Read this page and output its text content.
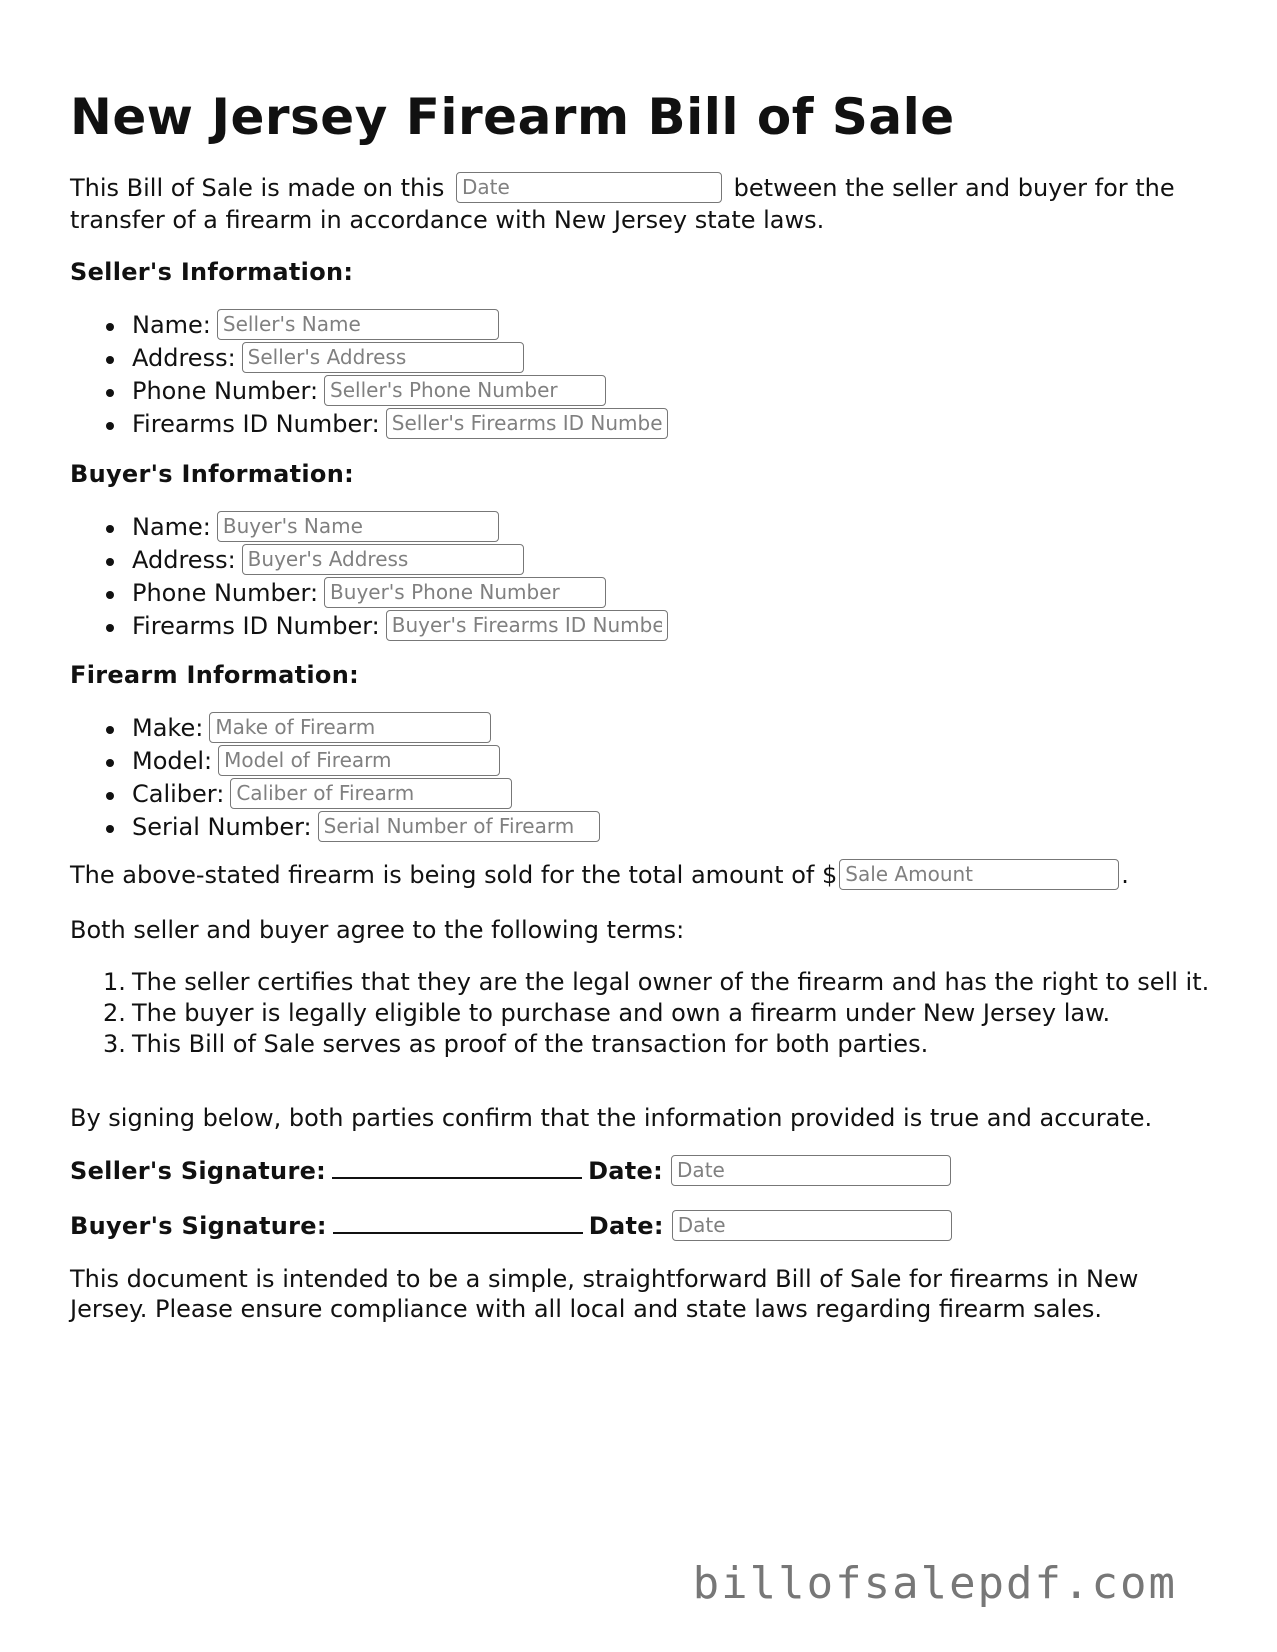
New Jersey Firearm Bill of Sale

This Bill of Sale is made on this Date	between the seller and buyer for the transfer of a firearm in accordance with New Jersey state laws.

Seller's Information:

Name:Seller's Name
Address:Seller's Address
Phone Number:Seller's Phone Number
Firearms ID Number:Seller's Firearms ID Number

Buyer's Information:

Name:Buyer's Name
Address:Buyer's Address
Phone Number:Buyer's Phone Number
Firearms ID Number:Buyer's Firearms ID Number

Firearm Information:

Make:Make of Firearm
Model:Model of Firearm
Caliber:Caliber of Firearm
Serial Number:Serial Number of Firearm

The above-stated firearm is being sold for the total amount of $Sale Amount	.

Both seller and buyer agree to the following terms:

1. The seller certifies that they are the legal owner of the firearm and has the right to sell it.
2. The buyer is legally eligible to purchase and own a firearm under New Jersey law.
3. This Bill of Sale serves as proof of the transaction for both parties.

By signing below, both parties confirm that the information provided is true and accurate.

Seller's Signature:	Date:Date
Buyer's Signature:	Date:Date

This document is intended to be a simple, straightforward Bill of Sale for firearms in New Jersey. Please ensure compliance with all local and state laws regarding firearm sales.

billofsalepdf.com
